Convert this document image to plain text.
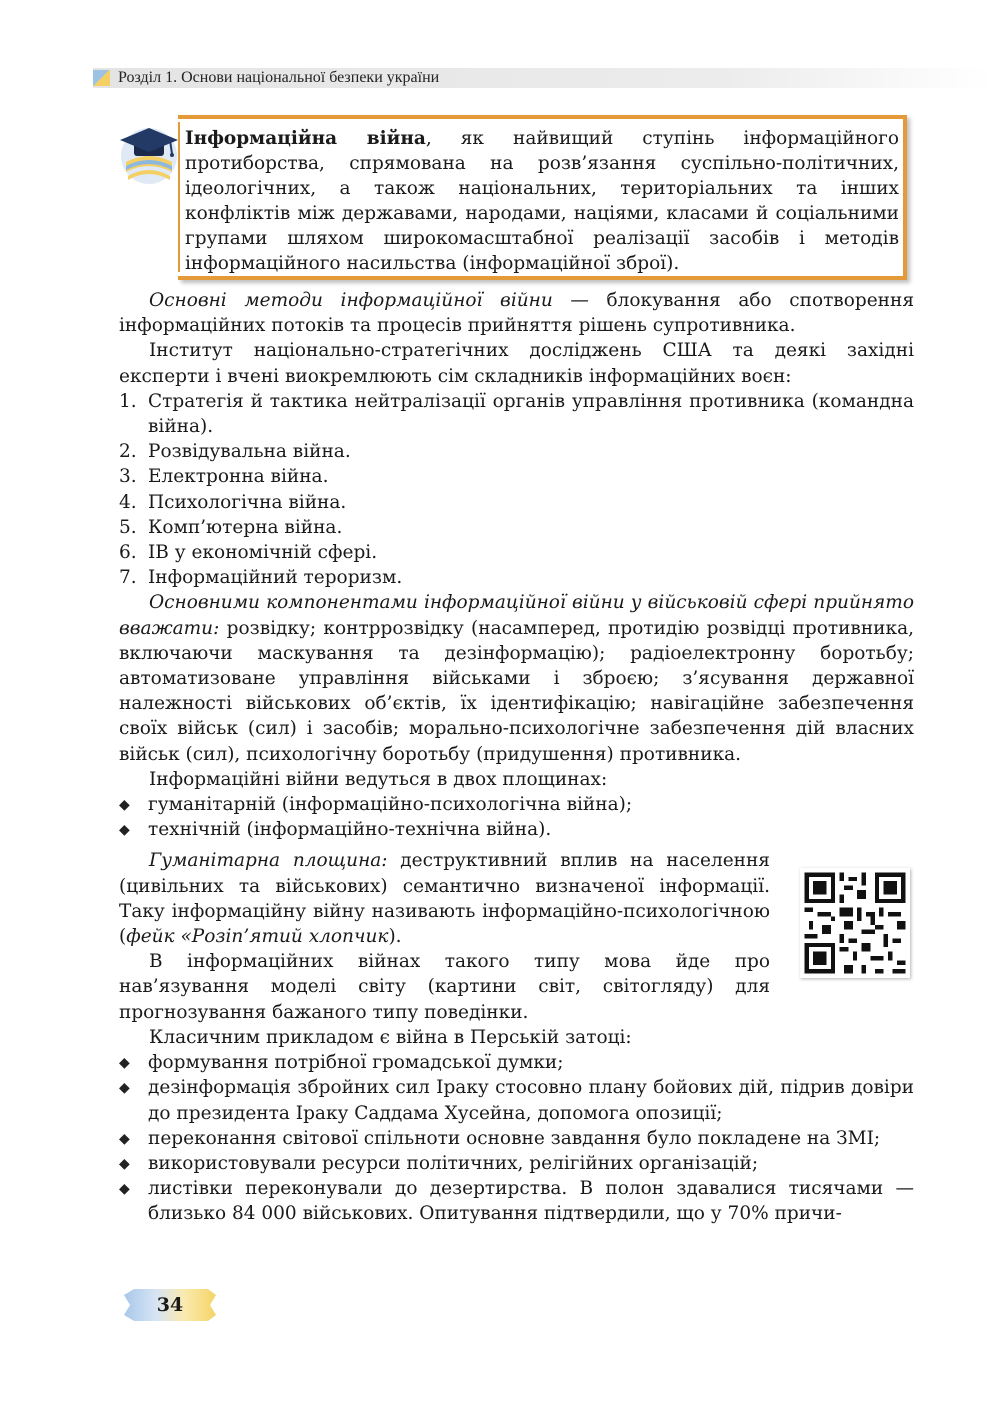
Розділ 1. Основи національної безпеки україни
Інформаційна війна, як найвищий ступінь інформаційного протиборства, спрямована на розв’язання суспільно-політичних, ідеологічних, а також національних, територіальних та інших конфліктів між державами, народами, націями, класами й соціальними групами шляхом широкомасштабної реалізації засобів і методів інформаційного насильства (інформаційної зброї).

Основні методи інформаційної війни — блокування або спотворення інформаційних потоків та процесів прийняття рішень супротивника.

Інститут національно-стратегічних досліджень США та деякі західні експерти і вчені виокремлюють сім складників інформаційних воєн:

1. Стратегія й тактика нейтралізації органів управління противника (командна війна).
2. Розвідувальна війна.
3. Електронна війна.
4. Психологічна війна.
5. Комп’ютерна війна.
6. ІВ у економічній сфері.
7. Інформаційний тероризм.

Основними компонентами інформаційної війни у військовій сфері прийнято вважати: розвідку; контррозвідку (насамперед, протидію розвідці противника, включаючи маскування та дезінформацію); радіоелектронну боротьбу; автоматизоване управління військами і зброєю; з’ясування державної належності військових об’єктів, їх ідентифікацію; навігаційне забезпечення своїх військ (сил) і засобів; морально-психологічне забезпечення дій власних військ (сил), психологічну боротьбу (придушення) противника.

Інформаційні війни ведуться в двох площинах:

◆ гуманітарній (інформаційно-психологічна війна);
◆ технічній (інформаційно-технічна війна).

Гуманітарна площина: деструктивний вплив на населення (цивільних та військових) семантично визначеної інформації. Таку інформаційну війну називають інформаційно-психологічною (фейк «Розіп’ятий хлопчик).

В інформаційних війнах такого типу мова йде про нав’язування моделі світу (картини світ, світогляду) для прогнозування бажаного типу поведінки.

Класичним прикладом є війна в Перській затоці:

◆ формування потрібної громадської думки;
◆ дезінформація збройних сил Іраку стосовно плану бойових дій, підрив довіри до президента Іраку Саддама Хусейна, допомога опозиції;
◆ переконання світової спільноти основне завдання було покладене на ЗМІ;
◆ використовували ресурси політичних, релігійних організацій;
◆ листівки переконували до дезертирства. В полон здавалися тисячами — близько 84 000 військових. Опитування підтвердили, що у 70% причи-
34
